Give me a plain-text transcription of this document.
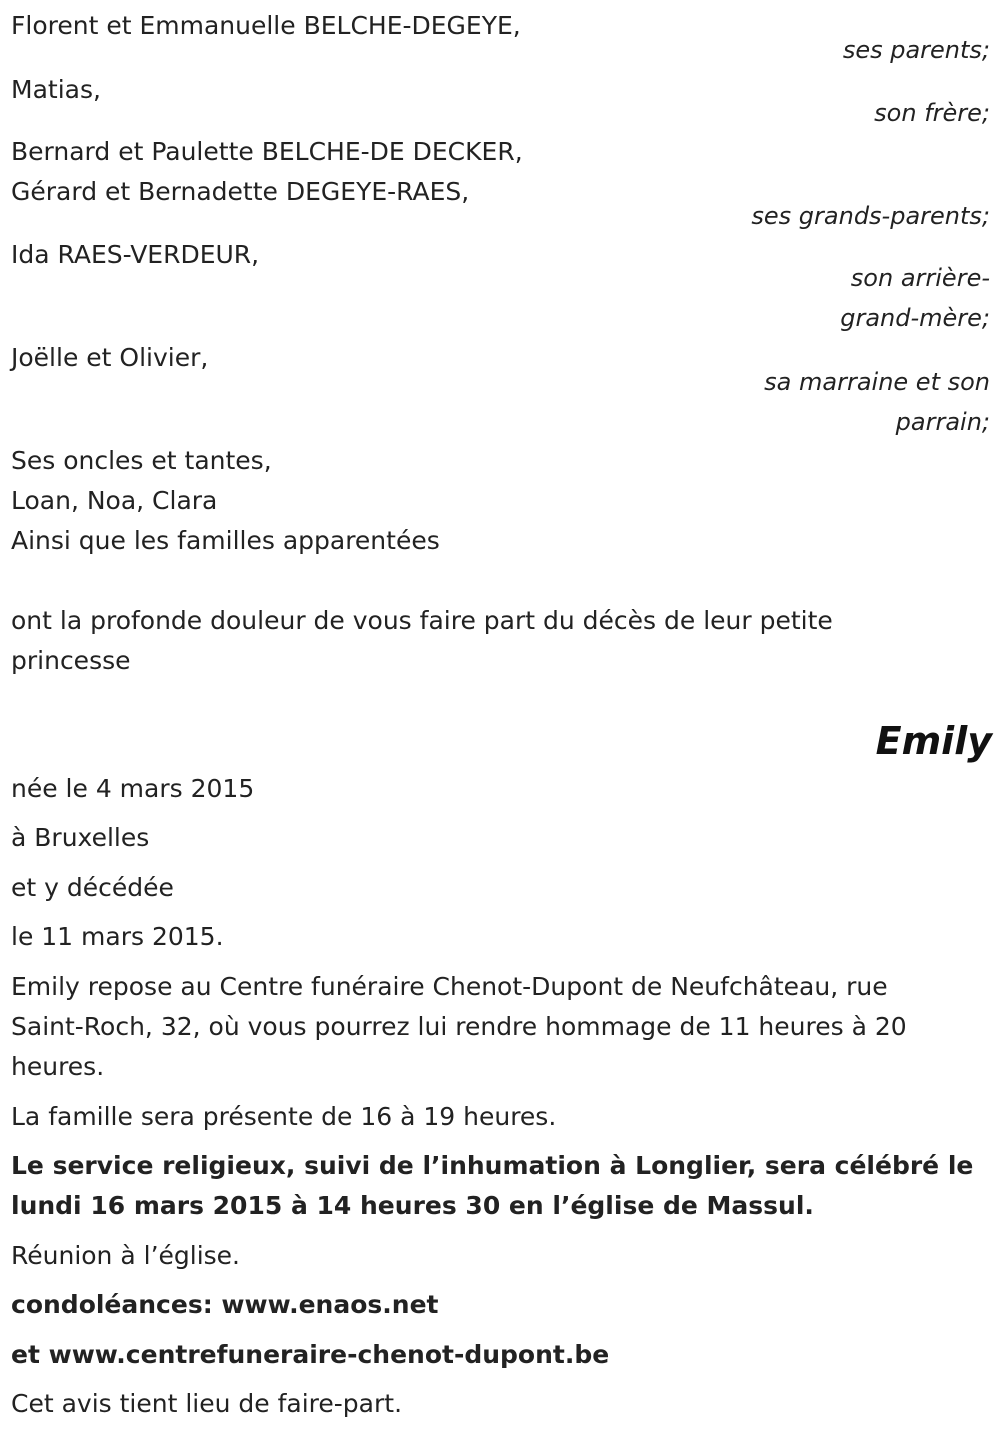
Florent et Emmanuelle BELCHE-DEGEYE,
ses parents;
Matias,
son frère;
Bernard et Paulette BELCHE-DE DECKER,
Gérard et Bernadette DEGEYE-RAES,
ses grands-parents;
Ida RAES-VERDEUR,
son arrière-
grand-mère;
Joëlle et Olivier,
sa marraine et son
parrain;
Ses oncles et tantes,
Loan, Noa, Clara
Ainsi que les familles apparentées
ont la profonde douleur de vous faire part du décès de leur petite
princesse
Emily
née le 4 mars 2015
à Bruxelles
et y décédée
le 11 mars 2015.
Emily repose au Centre funéraire Chenot-Dupont de Neufchâteau, rue
Saint-Roch, 32, où vous pourrez lui rendre hommage de 11 heures à 20
heures.
La famille sera présente de 16 à 19 heures.
Le service religieux, suivi de l’inhumation à Longlier, sera célébré le
lundi 16 mars 2015 à 14 heures 30 en l’église de Massul.
Réunion à l’église.
condoléances: www.enaos.net
et www.centrefuneraire-chenot-dupont.be
Cet avis tient lieu de faire-part.
